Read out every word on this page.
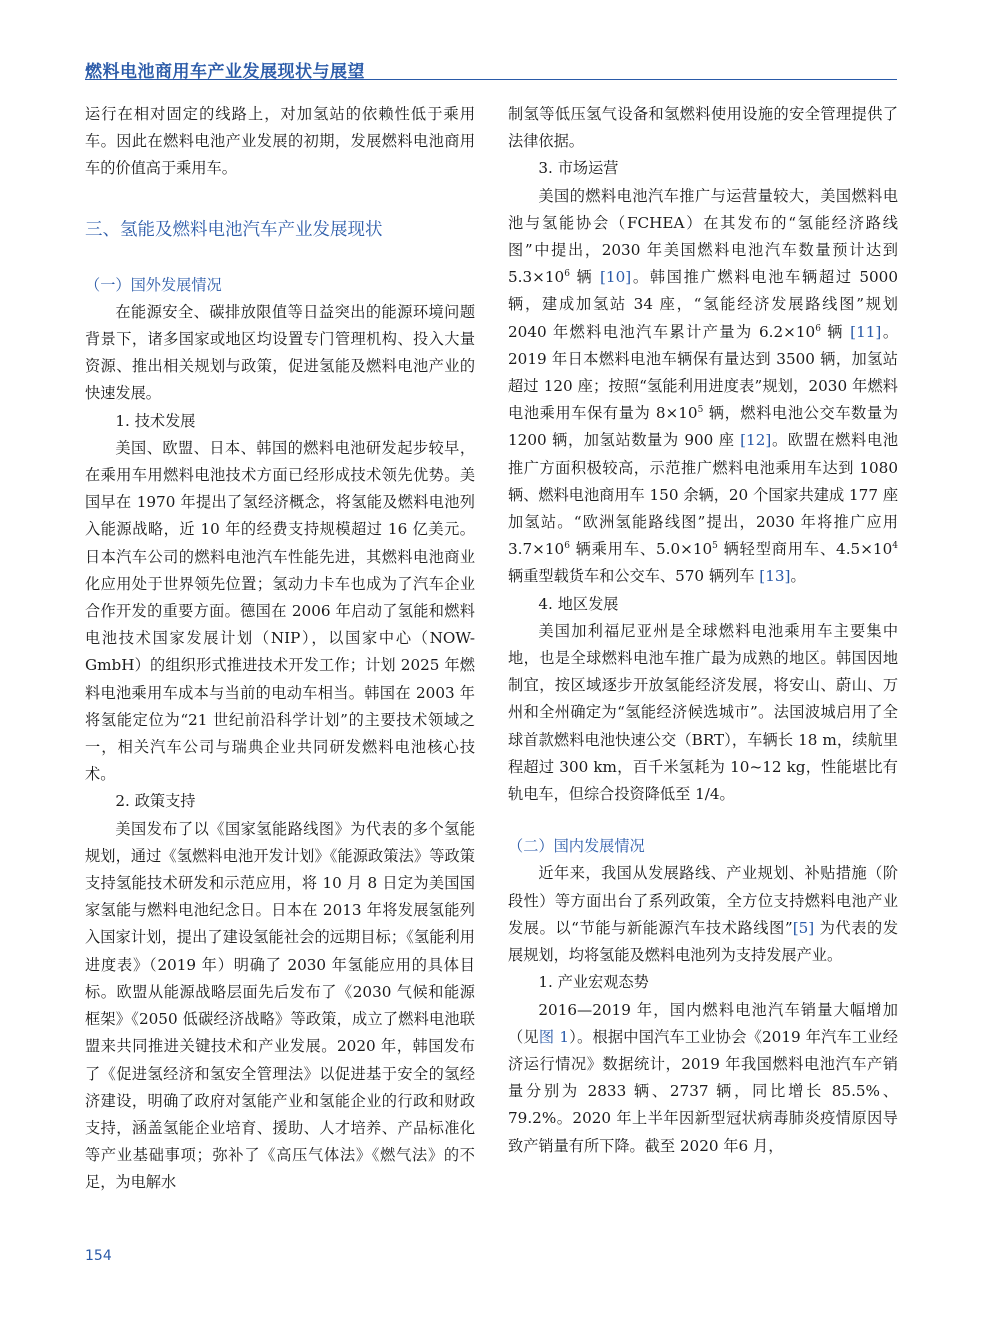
燃料电池商用车产业发展现状与展望

运行在相对固定的线路上，对加氢站的依赖性低于乘用车。因此在燃料电池产业发展的初期，发展燃料电池商用车的价值高于乘用车。

三、氢能及燃料电池汽车产业发展现状

（一）国外发展情况

在能源安全、碳排放限值等日益突出的能源环境问题背景下，诸多国家或地区均设置专门管理机构、投入大量资源、推出相关规划与政策，促进氢能及燃料电池产业的快速发展。

1. 技术发展

美国、欧盟、日本、韩国的燃料电池研发起步较早，在乘用车用燃料电池技术方面已经形成技术领先优势。美国早在 1970 年提出了氢经济概念，将氢能及燃料电池列入能源战略，近 10 年的经费支持规模超过 16 亿美元。日本汽车公司的燃料电池汽车性能先进，其燃料电池商业化应用处于世界领先位置；氢动力卡车也成为了汽车企业合作开发的重要方面。德国在 2006 年启动了氢能和燃料电池技术国家发展计划（NIP），以国家中心（NOW-GmbH）的组织形式推进技术开发工作；计划 2025 年燃料电池乘用车成本与当前的电动车相当。韩国在 2003 年将氢能定位为“21 世纪前沿科学计划”的主要技术领域之一，相关汽车公司与瑞典企业共同研发燃料电池核心技术。

2. 政策支持

美国发布了以《国家氢能路线图》为代表的多个氢能规划，通过《氢燃料电池开发计划》《能源政策法》等政策支持氢能技术研发和示范应用，将 10 月 8 日定为美国国家氢能与燃料电池纪念日。日本在 2013 年将发展氢能列入国家计划，提出了建设氢能社会的远期目标；《氢能利用进度表》（2019 年）明确了 2030 年氢能应用的具体目标。欧盟从能源战略层面先后发布了《2030 气候和能源框架》《2050 低碳经济战略》等政策，成立了燃料电池联盟来共同推进关键技术和产业发展。2020 年，韩国发布了《促进氢经济和氢安全管理法》以促进基于安全的氢经济建设，明确了政府对氢能产业和氢能企业的行政和财政支持，涵盖氢能企业培育、援助、人才培养、产品标准化等产业基础事项；弥补了《高压气体法》《燃气法》的不足，为电解水

制氢等低压氢气设备和氢燃料使用设施的安全管理提供了法律依据。

3. 市场运营

美国的燃料电池汽车推广与运营量较大，美国燃料电池与氢能协会（FCHEA）在其发布的“氢能经济路线图”中提出，2030 年美国燃料电池汽车数量预计达到 $5.3\times 10^6$ 辆 [10]。韩国推广燃料电池车辆超过 5000 辆，建成加氢站 34 座，“氢能经济发展路线图”规划 2040 年燃料电池汽车累计产量为 $6.2\times 10^6$ 辆 [11]。2019 年日本燃料电池车辆保有量达到 3500 辆，加氢站超过 120 座；按照“氢能利用进度表”规划，2030 年燃料电池乘用车保有量为 $8\times 10^5$ 辆，燃料电池公交车数量为 1200 辆，加氢站数量为 900 座 [12]。欧盟在燃料电池推广方面积极较高，示范推广燃料电池乘用车达到 1080 辆、燃料电池商用车 150 余辆，20 个国家共建成 177 座加氢站。“欧洲氢能路线图”提出，2030 年将推广应用 $3.7\times 10^6$ 辆乘用车、$5.0\times 10^5$ 辆轻型商用车、$4.5\times 10^4$ 辆重型载货车和公交车、570 辆列车 [13]。

4. 地区发展

美国加利福尼亚州是全球燃料电池乘用车主要集中地，也是全球燃料电池车推广最为成熟的地区。韩国因地制宜，按区域逐步开放氢能经济发展，将安山、蔚山、万州和全州确定为“氢能经济候选城市”。法国波城启用了全球首款燃料电池快速公交（BRT），车辆长 18 m，续航里程超过 300 km，百千米氢耗为 10~12 kg，性能堪比有轨电车，但综合投资降低至 1/4。

（二）国内发展情况

近年来，我国从发展路线、产业规划、补贴措施（阶段性）等方面出台了系列政策，全方位支持燃料电池产业发展。以“节能与新能源汽车技术路线图”[5] 为代表的发展规划，均将氢能及燃料电池列为支持发展产业。

1. 产业宏观态势

2016—2019 年，国内燃料电池汽车销量大幅增加（见图 1）。根据中国汽车工业协会《2019 年汽车工业经济运行情况》数据统计，2019 年我国燃料电池汽车产销量分别为 2833 辆、2737 辆，同比增长 85.5%、79.2%。2020 年上半年因新型冠状病毒肺炎疫情原因导致产销量有所下降。截至 2020 年6 月，

154
